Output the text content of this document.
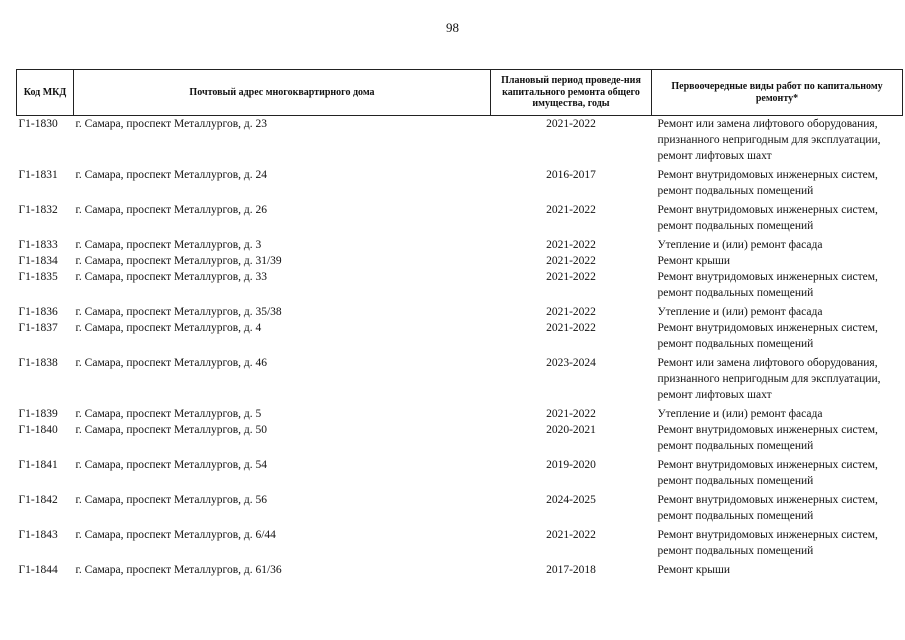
98
Код МКД	Почтовый адрес многоквартирного дома	Плановый период проведе-ния капитального ремонта общего имущества, годы	Первоочередные виды работ по капитальному ремонту*
Г1-1830	г. Самара, проспект Металлургов, д. 23	2021-2022	Ремонт или замена лифтового оборудования,
признанного непригодным для эксплуатации,
ремонт лифтовых шахт

Г1-1831	г. Самара, проспект Металлургов, д. 24	2016-2017	Ремонт внутридомовых инженерных систем,
ремонт подвальных помещений

Г1-1832	г. Самара, проспект Металлургов, д. 26	2021-2022	Ремонт внутридомовых инженерных систем,
ремонт подвальных помещений

Г1-1833	г. Самара, проспект Металлургов, д. 3	2021-2022	Утепление и (или) ремонт фасада

Г1-1834	г. Самара, проспект Металлургов, д. 31/39	2021-2022	Ремонт крыши

Г1-1835	г. Самара, проспект Металлургов, д. 33	2021-2022	Ремонт внутридомовых инженерных систем,
ремонт подвальных помещений

Г1-1836	г. Самара, проспект Металлургов, д. 35/38	2021-2022	Утепление и (или) ремонт фасада

Г1-1837	г. Самара, проспект Металлургов, д. 4	2021-2022	Ремонт внутридомовых инженерных систем,
ремонт подвальных помещений

Г1-1838	г. Самара, проспект Металлургов, д. 46	2023-2024	Ремонт или замена лифтового оборудования,
признанного непригодным для эксплуатации,
ремонт лифтовых шахт

Г1-1839	г. Самара, проспект Металлургов, д. 5	2021-2022	Утепление и (или) ремонт фасада

Г1-1840	г. Самара, проспект Металлургов, д. 50	2020-2021	Ремонт внутридомовых инженерных систем,
ремонт подвальных помещений

Г1-1841	г. Самара, проспект Металлургов, д. 54	2019-2020	Ремонт внутридомовых инженерных систем,
ремонт подвальных помещений

Г1-1842	г. Самара, проспект Металлургов, д. 56	2024-2025	Ремонт внутридомовых инженерных систем,
ремонт подвальных помещений

Г1-1843	г. Самара, проспект Металлургов, д. 6/44	2021-2022	Ремонт внутридомовых инженерных систем,
ремонт подвальных помещений

Г1-1844	г. Самара, проспект Металлургов, д. 61/36	2017-2018	Ремонт крыши
